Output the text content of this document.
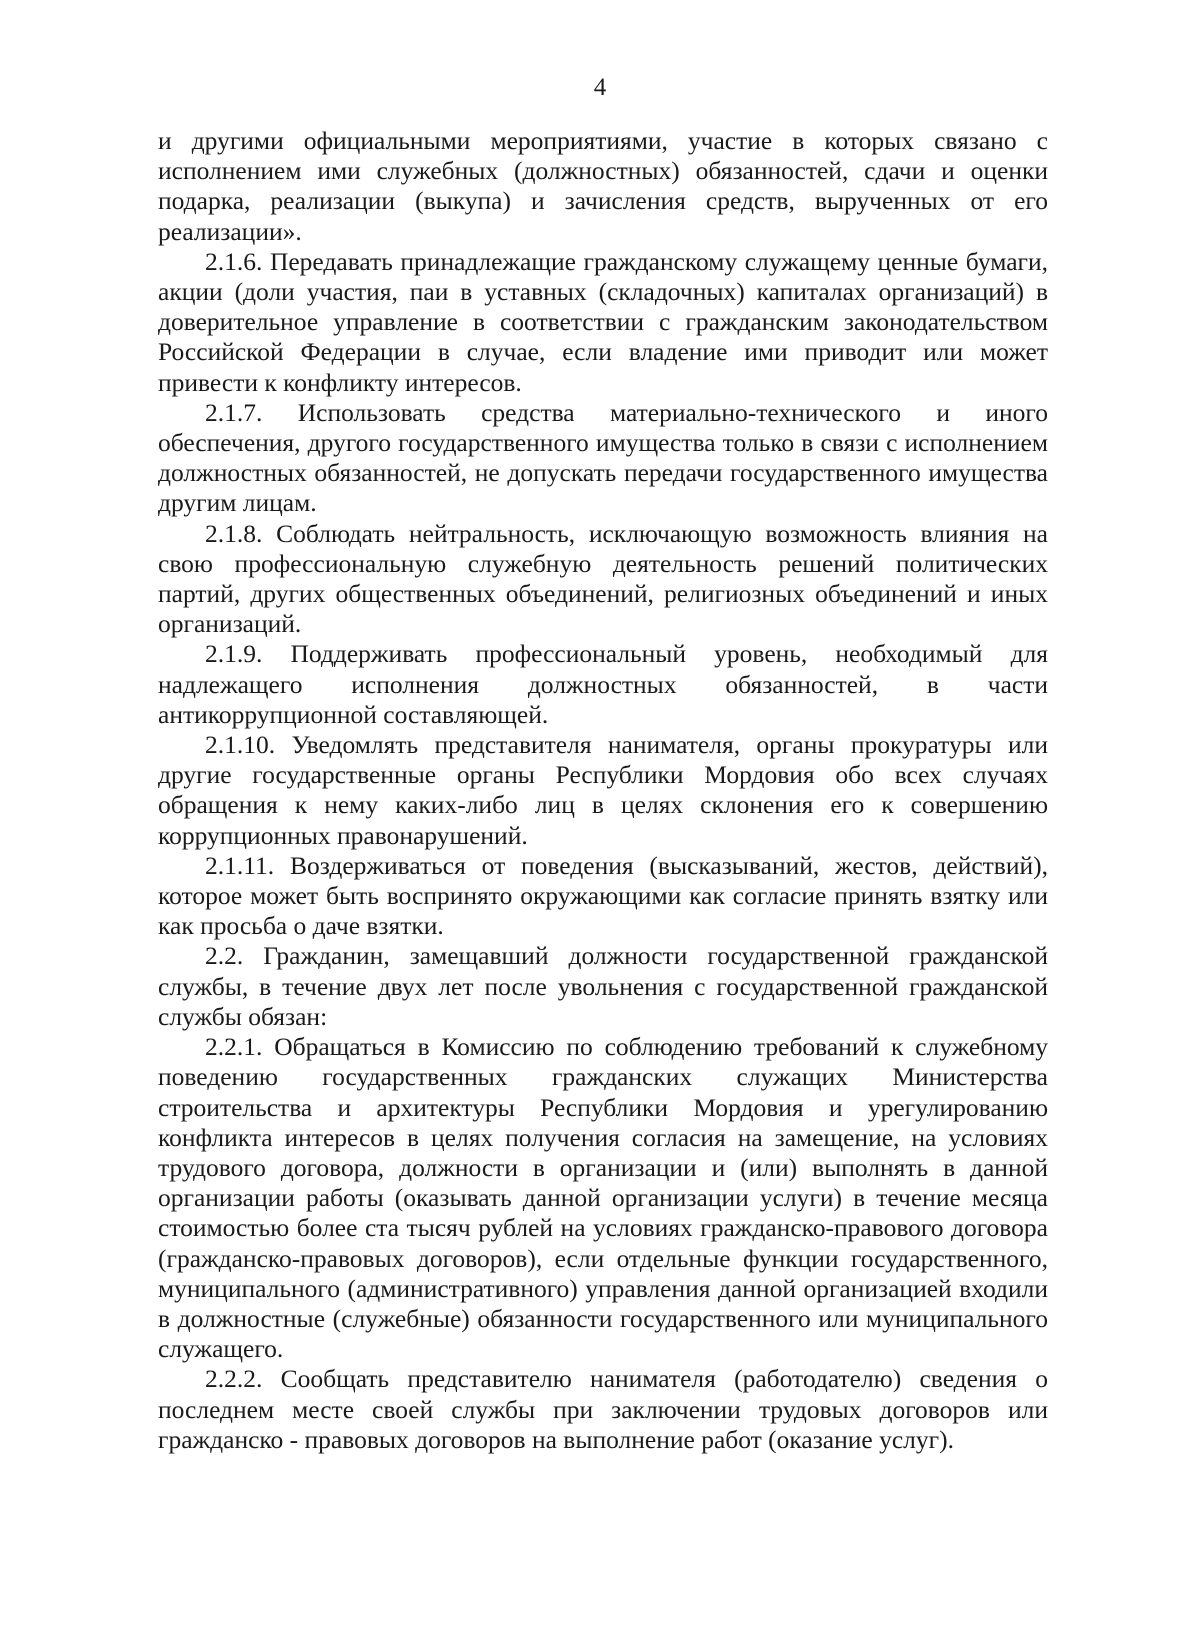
4

и другими официальными мероприятиями, участие в которых связано с исполнением ими служебных (должностных) обязанностей, сдачи и оценки подарка, реализации (выкупа) и зачисления средств, вырученных от его реализации».

2.1.6. Передавать принадлежащие гражданскому служащему ценные бумаги, акции (доли участия, паи в уставных (складочных) капиталах организаций) в доверительное управление в соответствии с гражданским законодательством Российской Федерации в случае, если владение ими приводит или может привести к конфликту интересов.

2.1.7. Использовать средства материально-технического и иного обеспечения, другого государственного имущества только в связи с исполнением должностных обязанностей, не допускать передачи государственного имущества другим лицам.

2.1.8. Соблюдать нейтральность, исключающую возможность влияния на свою профессиональную служебную деятельность решений политических партий, других общественных объединений, религиозных объединений и иных организаций.

2.1.9. Поддерживать профессиональный уровень, необходимый для надлежащего исполнения должностных обязанностей, в части антикоррупционной составляющей.

2.1.10. Уведомлять представителя нанимателя, органы прокуратуры или другие государственные органы Республики Мордовия обо всех случаях обращения к нему каких-либо лиц в целях склонения его к совершению коррупционных правонарушений.

2.1.11. Воздерживаться от поведения (высказываний, жестов, действий), которое может быть воспринято окружающими как согласие принять взятку или как просьба о даче взятки.

2.2. Гражданин, замещавший должности государственной гражданской службы, в течение двух лет после увольнения с государственной гражданской службы обязан:

2.2.1. Обращаться в Комиссию по соблюдению требований к служебному поведению государственных гражданских служащих Министерства строительства и архитектуры Республики Мордовия и урегулированию конфликта интересов в целях получения согласия на замещение, на условиях трудового договора, должности в организации и (или) выполнять в данной организации работы (оказывать данной организации услуги) в течение месяца стоимостью более ста тысяч рублей на условиях гражданско-правового договора (гражданско-правовых договоров), если отдельные функции государственного, муниципального (административного) управления данной организацией входили в должностные (служебные) обязанности государственного или муниципального служащего.

2.2.2. Сообщать представителю нанимателя (работодателю) сведения о последнем месте своей службы при заключении трудовых договоров или гражданско - правовых договоров на выполнение работ (оказание услуг).
